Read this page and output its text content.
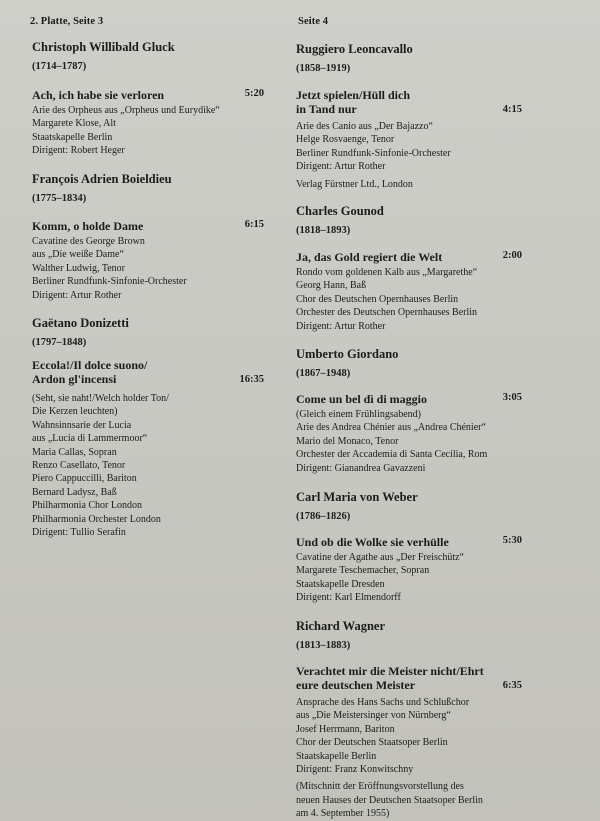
2. Platte, Seite 3
Christoph Willibald Gluck
(1714–1787)
Ach, ich habe sie verloren	5:20
Arie des Orpheus aus „Orpheus und Eurydike“
Margarete Klose, Alt
Staatskapelle Berlin
Dirigent: Robert Heger
François Adrien Boieldieu
(1775–1834)
Komm, o holde Dame	6:15
Cavatine des George Brown
aus „Die weiße Dame“
Walther Ludwig, Tenor
Berliner Rundfunk-Sinfonie-Orchester
Dirigent: Artur Rother
Gaëtano Donizetti
(1797–1848)
Eccola!/Il dolce suono/
Ardon gl'incensi	16:35
(Seht, sie naht!/Welch holder Ton/
Die Kerzen leuchten)
Wahnsinnsarie der Lucia
aus „Lucia di Lammermoor“
Maria Callas, Sopran
Renzo Casellato, Tenor
Piero Cappuccilli, Bariton
Bernard Ladysz, Baß
Philharmonia Chor London
Philharmonia Orchester London
Dirigent: Tullio Serafin
Seite 4
Ruggiero Leoncavallo
(1858–1919)
Jetzt spielen/Hüll dich
in Tand nur	4:15
Arie des Canio aus „Der Bajazzo“
Helge Rosvaenge, Tenor
Berliner Rundfunk-Sinfonie-Orchester
Dirigent: Artur Rother
Verlag Fürstner Ltd., London
Charles Gounod
(1818–1893)
Ja, das Gold regiert die Welt	2:00
Rondo vom goldenen Kalb aus „Margarethe“
Georg Hann, Baß
Chor des Deutschen Opernhauses Berlin
Orchester des Deutschen Opernhauses Berlin
Dirigent: Artur Rother
Umberto Giordano
(1867–1948)
Come un bel dì di maggio	3:05
(Gleich einem Frühlingsabend)
Arie des Andrea Chénier aus „Andrea Chénier“
Mario del Monaco, Tenor
Orchester der Accademia di Santa Cecilia, Rom
Dirigent: Gianandrea Gavazzeni
Carl Maria von Weber
(1786–1826)
Und ob die Wolke sie verhülle	5:30
Cavatine der Agathe aus „Der Freischütz“
Margarete Teschemacher, Sopran
Staatskapelle Dresden
Dirigent: Karl Elmendorff
Richard Wagner
(1813–1883)
Verachtet mir die Meister nicht/Ehrt
eure deutschen Meister	6:35
Ansprache des Hans Sachs und Schlußchor
aus „Die Meistersinger von Nürnberg“
Josef Herrmann, Bariton
Chor der Deutschen Staatsoper Berlin
Staatskapelle Berlin
Dirigent: Franz Konwitschny
(Mitschnitt der Eröffnungsvorstellung des
neuen Hauses der Deutschen Staatsoper Berlin
am 4. September 1955)
